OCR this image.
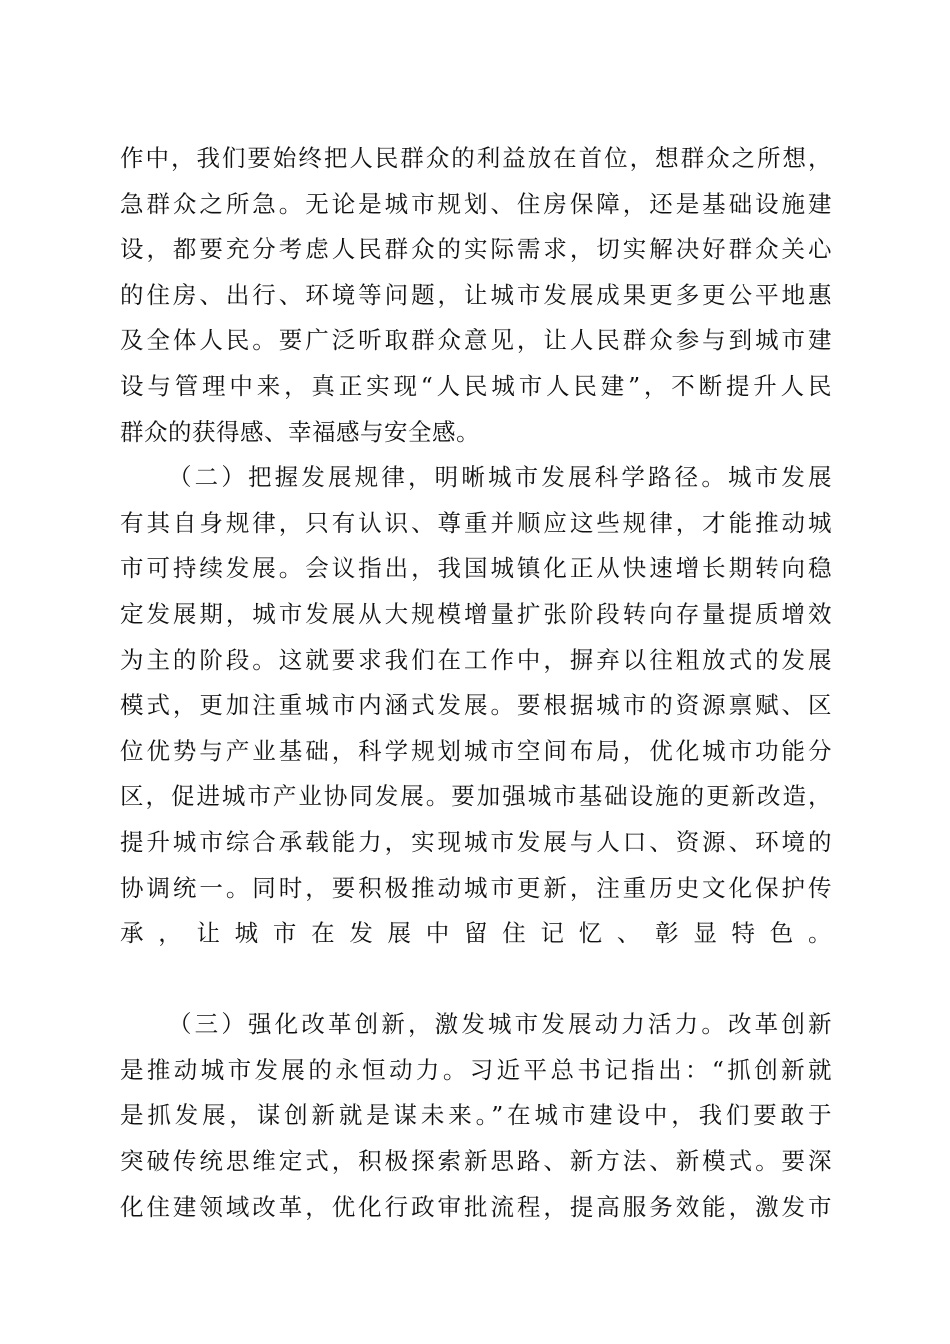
作中，我们要始终把人民群众的利益放在首位，想群众之所想，
急群众之所急。无论是城市规划、住房保障，还是基础设施建
设，都要充分考虑人民群众的实际需求，切实解决好群众关心
的住房、出行、环境等问题，让城市发展成果更多更公平地惠
及全体人民。要广泛听取群众意见，让人民群众参与到城市建
设与管理中来，真正实现“人民城市人民建”，不断提升人民
群众的获得感、幸福感与安全感。
（二）把握发展规律，明晰城市发展科学路径。城市发展
有其自身规律，只有认识、尊重并顺应这些规律，才能推动城
市可持续发展。会议指出，我国城镇化正从快速增长期转向稳
定发展期，城市发展从大规模增量扩张阶段转向存量提质增效
为主的阶段。这就要求我们在工作中，摒弃以往粗放式的发展
模式，更加注重城市内涵式发展。要根据城市的资源禀赋、区
位优势与产业基础，科学规划城市空间布局，优化城市功能分
区，促进城市产业协同发展。要加强城市基础设施的更新改造，
提升城市综合承载能力，实现城市发展与人口、资源、环境的
协调统一。同时，要积极推动城市更新，注重历史文化保护传
承，让城市在发展中留住记忆、彰显特色。
（三）强化改革创新，激发城市发展动力活力。改革创新
是推动城市发展的永恒动力。习近平总书记指出：“抓创新就
是抓发展，谋创新就是谋未来。”在城市建设中，我们要敢于
突破传统思维定式，积极探索新思路、新方法、新模式。要深
化住建领域改革，优化行政审批流程，提高服务效能，激发市
